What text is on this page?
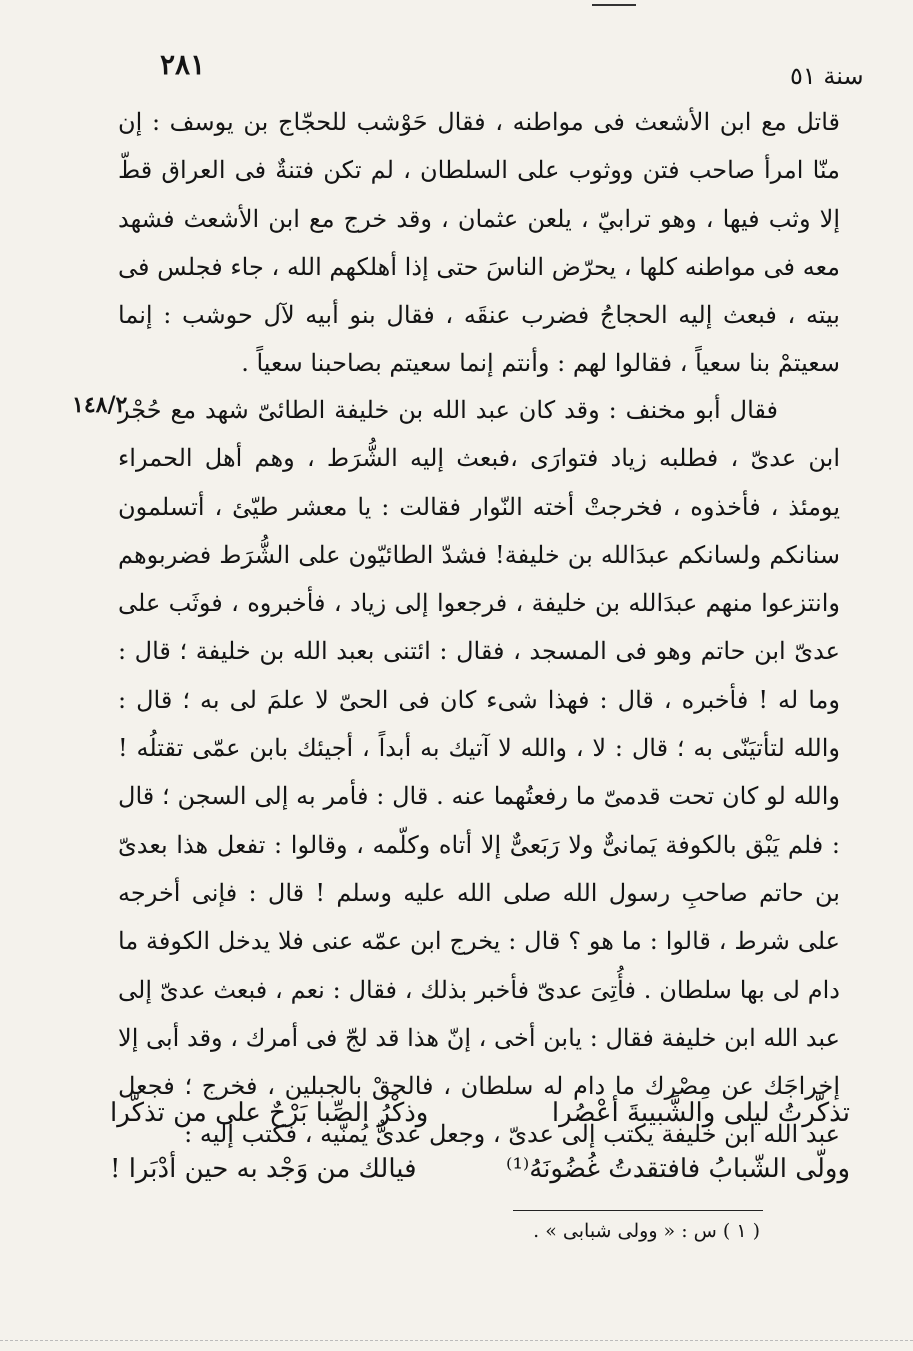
٢٨١	سنة ٥١

قاتل مع ابن الأشعث فى مواطنه ، فقال حَوْشب للحجّاج بن يوسف : إن منّا امرأ صاحب فتن ووثوب على السلطان ، لم تكن فتنةٌ فى العراق قطّ إلا وثب فيها ، وهو ترابيّ ، يلعن عثمان ، وقد خرج مع ابن الأشعث فشهد معه فى مواطنه كلها ، يحرّض الناسَ حتى إذا أهلكهم الله ، جاء فجلس فى بيته ، فبعث إليه الحجاجُ فضرب عنقَه ، فقال بنو أبيه لآل حوشب : إنما سعيتمْ بنا سعياً ، فقالوا لهم : وأنتم إنما سعيتم بصاحبنا سعياً .

١٤٨/٢

فقال أبو مخنف : وقد كان عبد الله بن خليفة الطائىّ شهد مع حُجْر ابن عدىّ ، فطلبه زياد فتوارَى ،فبعث إليه الشُّرَط ، وهم أهل الحمراء يومئذ ، فأخذوه ، فخرجتْ أخته النّوار فقالت : يا معشر طيّئ ، أتسلمون سنانكم ولسانكم عبدَالله بن خليفة! فشدّ الطائيّون على الشُّرَط فضربوهم وانتزعوا منهم عبدَالله بن خليفة ، فرجعوا إلى زياد ، فأخبروه ، فوثَب على عدىّ ابن حاتم وهو فى المسجد ، فقال : ائتنى بعبد الله بن خليفة ؛ قال : وما له ! فأخبره ، قال : فهذا شىء كان فى الحىّ لا علمَ لى به ؛ قال : والله لتأتيَنّى به ؛ قال : لا ، والله لا آتيك به أبداً ، أجيئك بابن عمّى تقتلُه ! والله لو كان تحت قدمىّ ما رفعتُهما عنه . قال : فأمر به إلى السجن ؛ قال : فلم يَبْق بالكوفة يَمانىٌّ ولا رَبَعىٌّ إلا أتاه وكلّمه ، وقالوا : تفعل هذا بعدىّ بن حاتم صاحبِ رسول الله صلى الله عليه وسلم ! قال : فإنى أخرجه على شرط ، قالوا : ما هو ؟ قال : يخرج ابن عمّه عنى فلا يدخل الكوفة ما دام لى بها سلطان . فأُتِىَ عدىّ فأخبر بذلك ، فقال : نعم ، فبعث عدىّ إلى عبد الله ابن خليفة فقال : يابن أخى ، إنّ هذا قد لجّ فى أمرك ، وقد أبى إلا إخراجَك عن مِصْرك ما دام له سلطان ، فالحقْ بالجبلين ، فخرج ؛ فجعل عبد الله ابن خليفة يكتب إلى عدىّ ، وجعل عدىٌّ يُمنّيه ، فكتب إليه :

تذكّرتُ ليلى والشَّبيبةَ أعْصُرا
وذكْرُ الصِّبا بَرْحٌ على من تذكّرا
وولّى الشّبابُ فافتقدتُ غُضُونَهُ⁽¹⁾
فيالك من وَجْد به حين أدْبَرا !
( ١ ) س : « وولى شبابى » .
